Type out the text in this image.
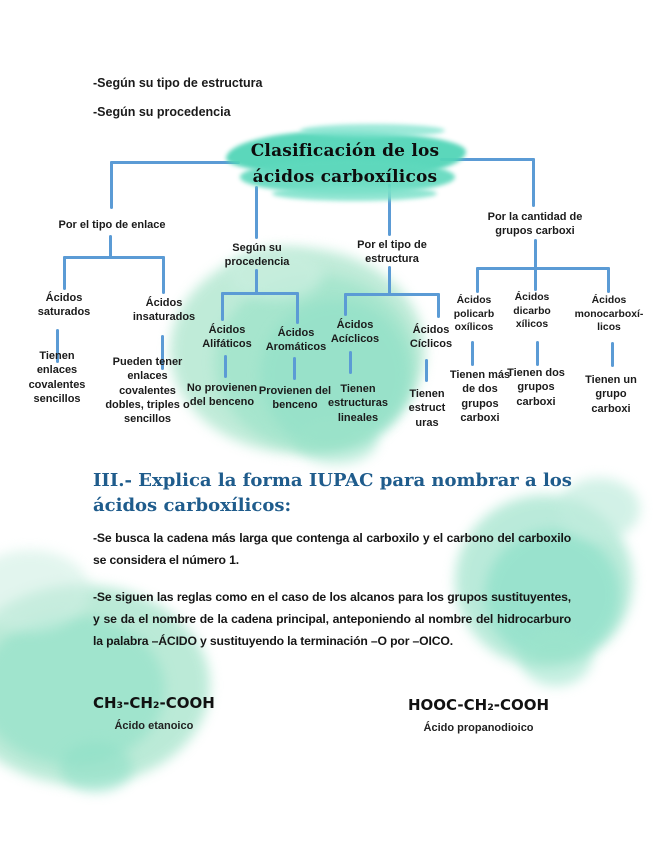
-Según su tipo de estructura
-Según su procedencia
Clasificación de los
ácidos carboxílicos
Por el tipo de enlace
Según su procedencia
Por el tipo de estructura
Por la cantidad de grupos carboxi
Ácidos saturados
Ácidos insaturados
Ácidos Alifáticos
Ácidos Aromáticos
Ácidos Acíclicos
Ácidos Cíclicos
Ácidos policarb oxílicos
Ácidos dicarbo xílicos
Ácidos monocarboxí- licos
Tienen enlaces covalentes sencillos
Pueden tener enlaces covalentes dobles, triples o sencillos
No provienen del benceno
Provienen del benceno
Tienen estructuras lineales
Tienen estruct uras
Tienen más de dos grupos carboxi
Tienen dos grupos carboxi
Tienen un grupo carboxi
III.- Explica la forma IUPAC para nombrar a los
ácidos carboxílicos:

-Se busca la cadena más larga que contenga al carboxilo y el carbono del carboxilo se considera el número 1.

-Se siguen las reglas como en el caso de los alcanos para los grupos sustituyentes, y se da el nombre de la cadena principal, anteponiendo al nombre del hidrocarburo la palabra –ÁCIDO y sustituyendo la terminación –O por –OICO.

CH₃-CH₂-COOH
Ácido etanoico
HOOC-CH₂-COOH
Ácido propanodioico
